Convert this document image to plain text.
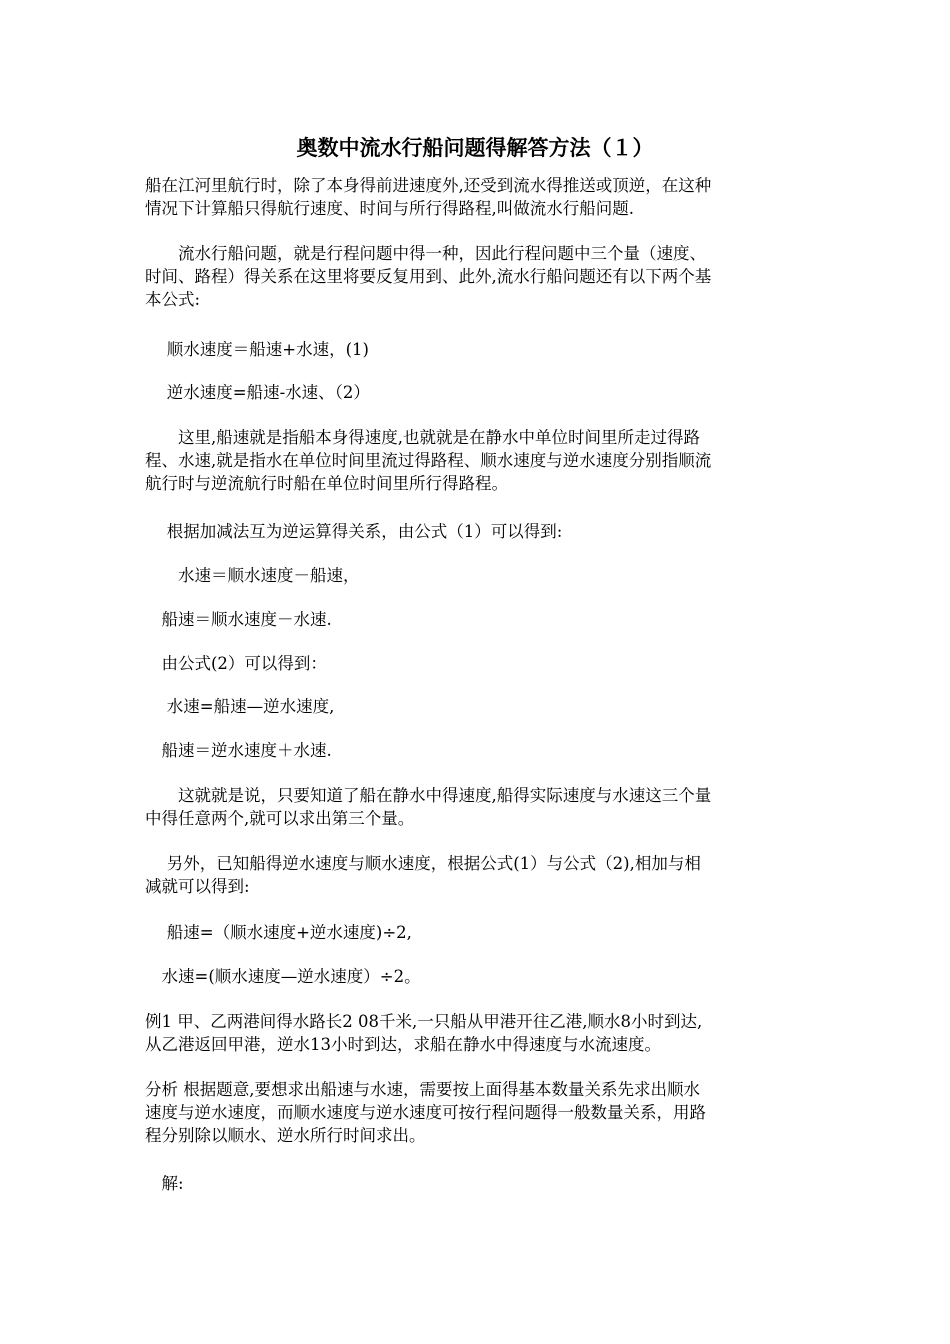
奥数中流水行船问题得解答方法（１）
船在江河里航行时，除了本身得前进速度外,还受到流水得推送或顶逆，在这种
情况下计算船只得航行速度、时间与所行得路程,叫做流水行船问题.
　　流水行船问题，就是行程问题中得一种，因此行程问题中三个量（速度、
时间、路程）得关系在这里将要反复用到、此外,流水行船问题还有以下两个基
本公式:
　 顺水速度＝船速+水速，(1)
　 逆水速度=船速-水速、（2）
　　这里,船速就是指船本身得速度,也就就是在静水中单位时间里所走过得路
程、水速,就是指水在单位时间里流过得路程、顺水速度与逆水速度分别指顺流
航行时与逆流航行时船在单位时间里所行得路程。
　 根据加减法互为逆运算得关系，由公式（1）可以得到:
　　水速＝顺水速度－船速，
　船速＝顺水速度－水速.
　由公式(2）可以得到：
　 水速=船速—逆水速度,
　船速＝逆水速度＋水速.
　　这就就是说，只要知道了船在静水中得速度,船得实际速度与水速这三个量
中得任意两个,就可以求出第三个量。
　 另外，已知船得逆水速度与顺水速度，根据公式(1）与公式（2),相加与相
减就可以得到:
　 船速=（顺水速度+逆水速度)÷2,
　水速=(顺水速度—逆水速度）÷2。
例1 甲、乙两港间得水路长2 08千米,一只船从甲港开往乙港,顺水8小时到达,
从乙港返回甲港，逆水13小时到达，求船在静水中得速度与水流速度。
分析 根据题意,要想求出船速与水速，需要按上面得基本数量关系先求出顺水
速度与逆水速度，而顺水速度与逆水速度可按行程问题得一般数量关系，用路
程分别除以顺水、逆水所行时间求出。
　解:
